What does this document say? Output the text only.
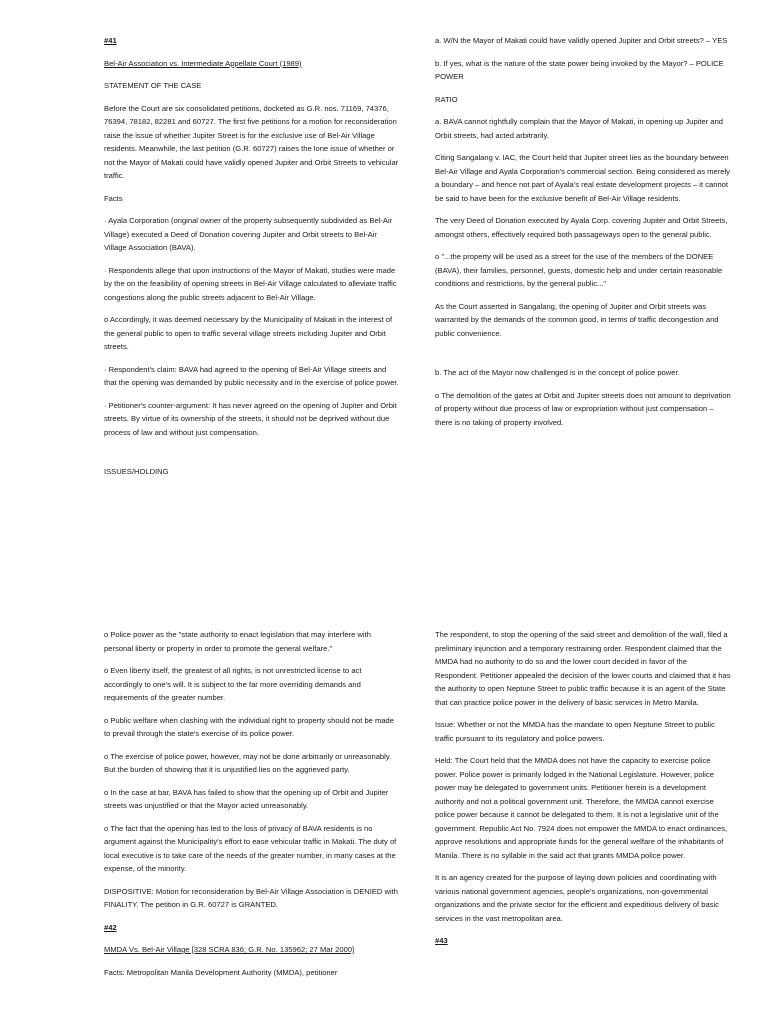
#41

Bel-Air Association vs. Intermediate Appellate Court (1989)

STATEMENT OF THE CASE

Before the Court are six consolidated petitions, docketed as G.R. nos. 71169, 74376, 76394, 78182, 82281 and 60727. The first five petitions for a motion for reconsideration raise the issue of whether Jupiter Street is for the exclusive use of Bel-Air Village residents. Meanwhile, the last petition (G.R. 60727) raises the lone issue of whether or not the Mayor of Makati could have validly opened Jupiter and Orbit Streets to vehicular traffic.

Facts

· Ayala Corporation (original owner of the property subsequently subdivided as Bel-Air Village) executed a Deed of Donation covering Jupiter and Orbit streets to Bel-Air Village Association (BAVA).

· Respondents allege that upon instructions of the Mayor of Makati, studies were made by the on the feasibility of opening streets in Bel-Air Village calculated to alleviate traffic congestions along the public streets adjacent to Bel-Air Village.

o Accordingly, it was deemed necessary by the Municipality of Makati in the interest of the general public to open to traffic several village streets including Jupiter and Orbit streets.

· Respondent's claim: BAVA had agreed to the opening of Bel-Air Village streets and that the opening was demanded by public necessity and in the exercise of police power.

· Petitioner's counter-argument: It has never agreed on the opening of Jupiter and Orbit streets. By virtue of its ownership of the streets, it should not be deprived without due process of law and without just compensation.

ISSUES/HOLDING

a. W/N the Mayor of Makati could have validly opened Jupiter and Orbit streets? – YES

b. If yes, what is the nature of the state power being invoked by the Mayor? – POLICE POWER

RATIO

a. BAVA cannot rightfully complain that the Mayor of Makati, in opening up Jupiter and Orbit streets, had acted arbitrarily.

Citing Sangalang v. IAC, the Court held that Jupiter street lies as the boundary between Bel-Air Village and Ayala Corporation's commercial section. Being considered as merely a boundary – and hence not part of Ayala's real estate development projects – it cannot be said to have been for the exclusive benefit of Bel-Air Village residents.

The very Deed of Donation executed by Ayala Corp. covering Jupiter and Orbit Streets, amongst others, effectively required both passageways open to the general public.

o "...the property will be used as a street for the use of the members of the DONEE (BAVA), their families, personnel, guests, domestic help and under certain reasonable conditions and restrictions, by the general public..."

As the Court asserted in Sangalang, the opening of Jupiter and Orbit streets was warranted by the demands of the common good, in terms of traffic decongestion and public convenience.

b. The act of the Mayor now challenged is in the concept of police power.

o The demolition of the gates at Orbit and Jupiter streets does not amount to deprivation of property without due process of law or expropriation without just compensation – there is no taking of property involved.

o Police power as the "state authority to enact legislation that may interfere with personal liberty or property in order to promote the general welfare."

o Even liberty itself, the greatest of all rights, is not unrestricted license to act accordingly to one's will. It is subject to the far more overriding demands and requirements of the greater number.

o Public welfare when clashing with the individual right to property should not be made to prevail through the state's exercise of its police power.

o The exercise of police power, however, may not be done arbitrarily or unreasonably. But the burden of showing that it is unjustified lies on the aggrieved party.

o In the case at bar, BAVA has failed to show that the opening up of Orbit and Jupiter streets was unjustified or that the Mayor acted unreasonably.

o The fact that the opening has led to the loss of privacy of BAVA residents is no argument against the Municipality's effort to ease vehicular traffic in Makati. The duty of local executive is to take care of the needs of the greater number, in many cases at the expense, of the minority.

DISPOSITIVE: Motion for reconsideration by Bel-Air Village Association is DENIED with FINALITY. The petition in G.R. 60727 is GRANTED.

#42

MMDA Vs. Bel-Air Village [328 SCRA 836; G.R. No. 135962; 27 Mar 2000]

Facts: Metropolitan Manila Development Authority (MMDA), petitioner

The respondent, to stop the opening of the said street and demolition of the wall, filed a preliminary injunction and a temporary restraining order. Respondent claimed that the MMDA had no authority to do so and the lower court decided in favor of the Respondent. Petitioner appealed the decision of the lower courts and claimed that it has the authority to open Neptune Street to public traffic because it is an agent of the State that can practice police power in the delivery of basic services in Metro Manila.

Issue: Whether or not the MMDA has the mandate to open Neptune Street to public traffic pursuant to its regulatory and police powers.

Held: The Court held that the MMDA does not have the capacity to exercise police power. Police power is primarily lodged in the National Legislature. However, police power may be delegated to government units. Petitioner herein is a development authority and not a political government unit. Therefore, the MMDA cannot exercise police power because it cannot be delegated to them. It is not a legislative unit of the government. Republic Act No. 7924 does not empower the MMDA to enact ordinances, approve resolutions and appropriate funds for the general welfare of the inhabitants of Manila. There is no syllable in the said act that grants MMDA police power.

It is an agency created for the purpose of laying down policies and coordinating with various national government agencies, people's organizations, non-governmental organizations and the private sector for the efficient and expeditious delivery of basic services in the vast metropolitan area.

#43
